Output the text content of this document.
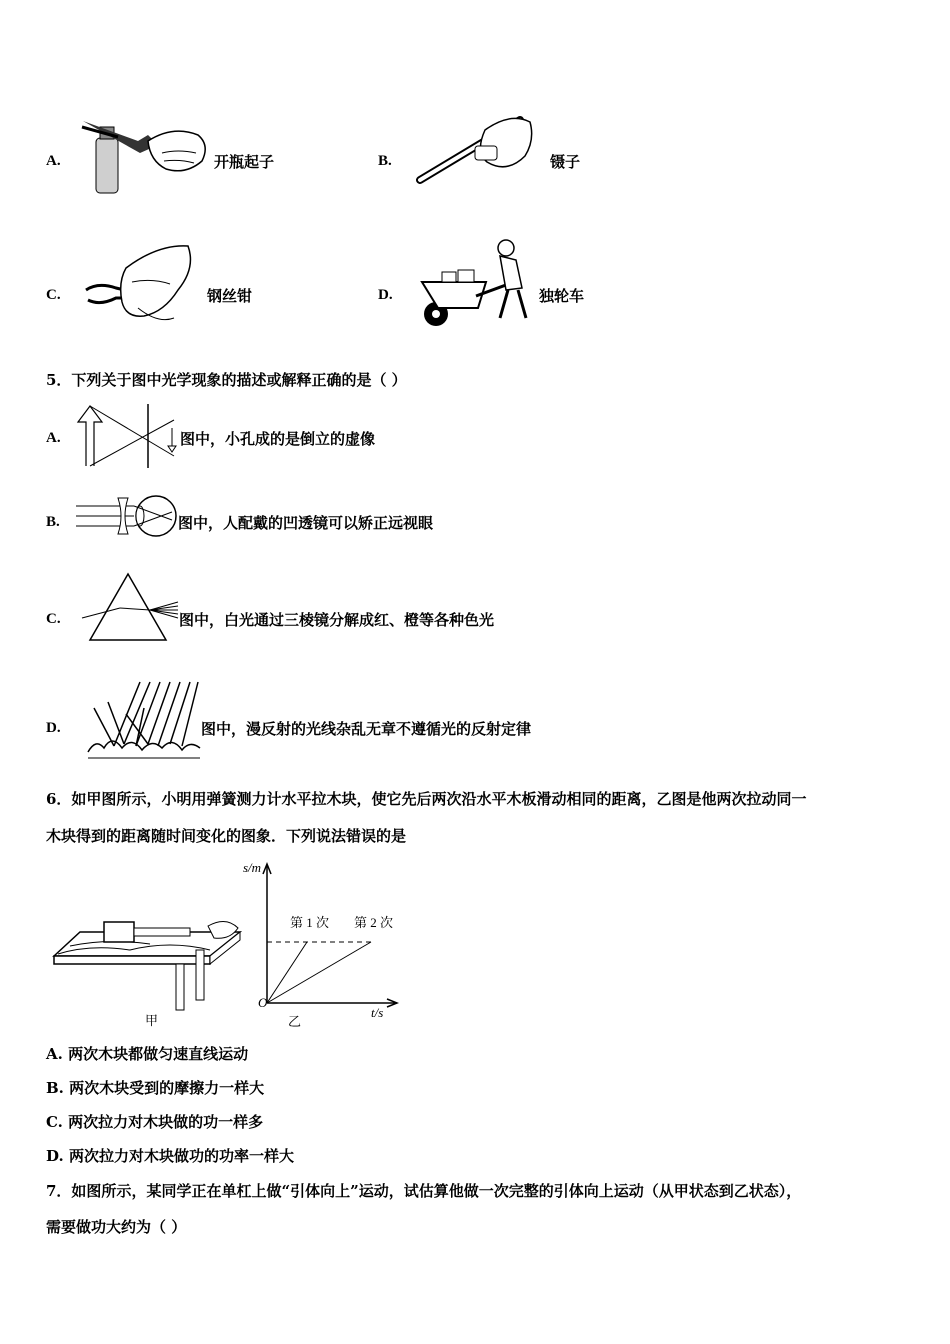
A.	开瓶起子	B.	镊子
C.	钢丝钳	D.	独轮车
5．下列关于图中光学现象的描述或解释正确的是（ ）
A.	图中，小孔成的是倒立的虚像
B.	图中，人配戴的凹透镜可以矫正远视眼
C.	图中，白光通过三棱镜分解成红、橙等各种色光
D.	图中，漫反射的光线杂乱无章不遵循光的反射定律
6．如甲图所示，小明用弹簧测力计水平拉木块，使它先后两次沿水平木板滑动相同的距离，乙图是他两次拉动同一
木块得到的距离随时间变化的图象．下列说法错误的是
甲
s/m
O
t/s
第 1 次 第 2 次
乙
A. 两次木块都做匀速直线运动
B. 两次木块受到的摩擦力一样大
C. 两次拉力对木块做的功一样多
D. 两次拉力对木块做功的功率一样大
7．如图所示，某同学正在单杠上做“引体向上”运动，试估算他做一次完整的引体向上运动（从甲状态到乙状态），
需要做功大约为（ ）
